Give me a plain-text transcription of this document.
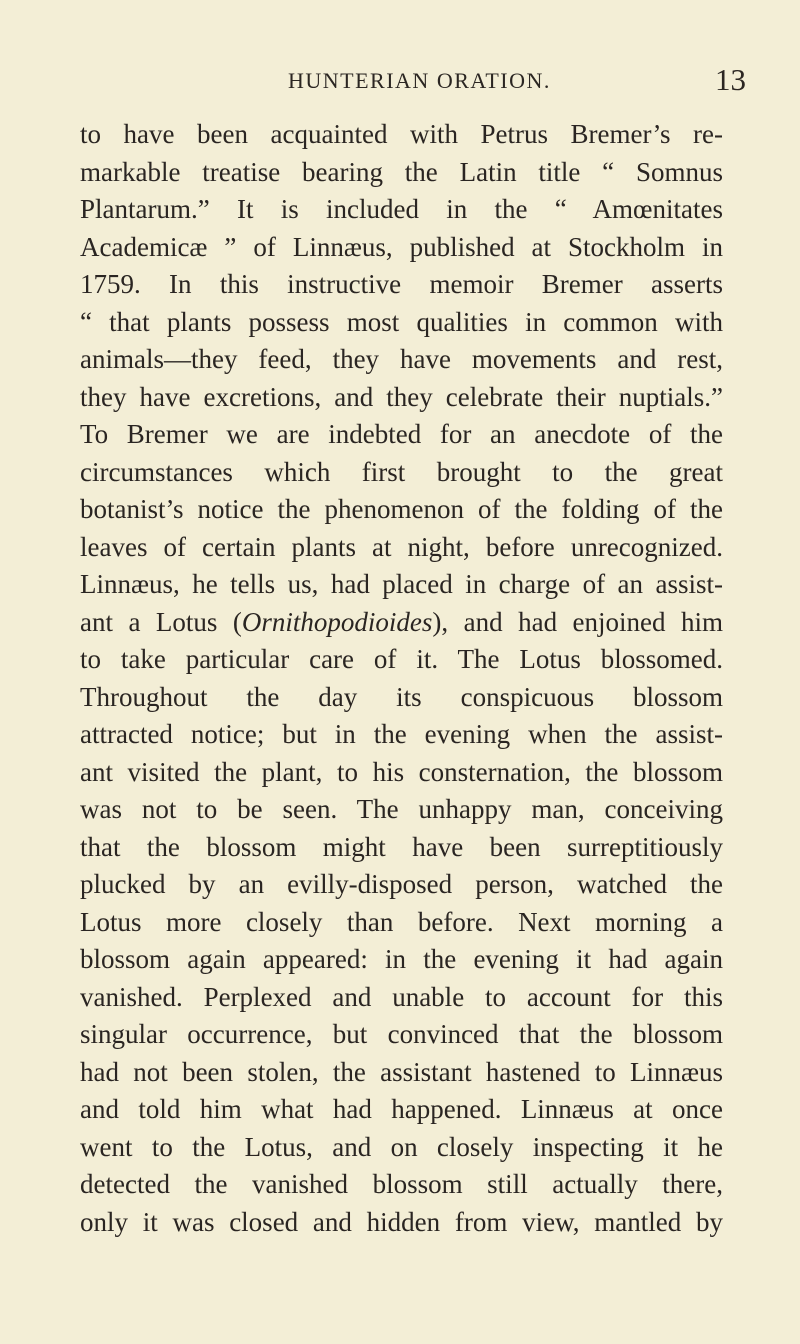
HUNTERIAN ORATION.	13
to have been acquainted with Petrus Bremer’s re-
markable treatise bearing the Latin title “ Somnus
Plantarum.” It is included in the “ Amœnitates
Academicæ ” of Linnæus, published at Stockholm in
1759. In this instructive memoir Bremer asserts
“ that plants possess most qualities in common with
animals—they feed, they have movements and rest,
they have excretions, and they celebrate their nuptials.”
To Bremer we are indebted for an anecdote of the
circumstances which first brought to the great
botanist’s notice the phenomenon of the folding of the
leaves of certain plants at night, before unrecognized.
Linnæus, he tells us, had placed in charge of an assist-
ant a Lotus (Ornithopodioides), and had enjoined him
to take particular care of it. The Lotus blossomed.
Throughout the day its conspicuous blossom
attracted notice; but in the evening when the assist-
ant visited the plant, to his consternation, the blossom
was not to be seen. The unhappy man, conceiving
that the blossom might have been surreptitiously
plucked by an evilly-disposed person, watched the
Lotus more closely than before. Next morning a
blossom again appeared: in the evening it had again
vanished. Perplexed and unable to account for this
singular occurrence, but convinced that the blossom
had not been stolen, the assistant hastened to Linnæus
and told him what had happened. Linnæus at once
went to the Lotus, and on closely inspecting it he
detected the vanished blossom still actually there,
only it was closed and hidden from view, mantled by
